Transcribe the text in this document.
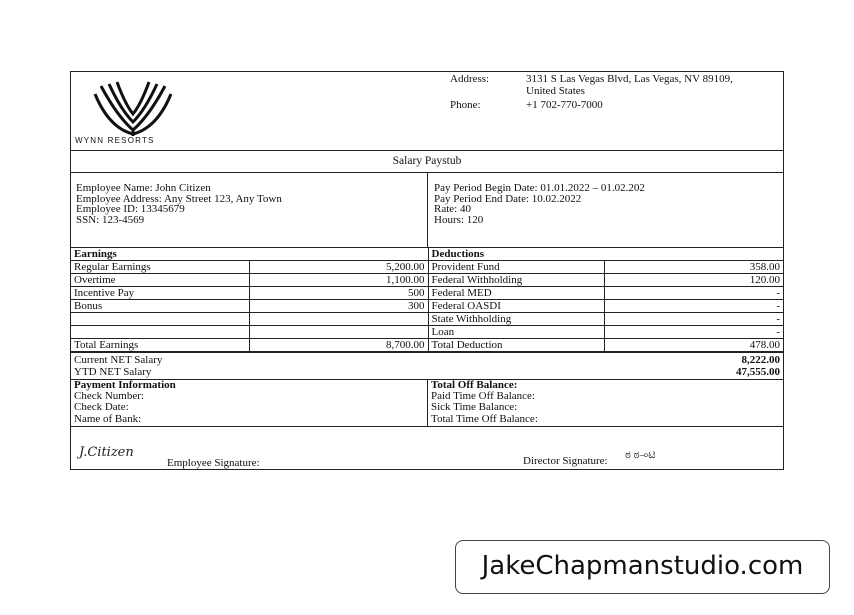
WYNN RESORTS
Address:	3131 S Las Vegas Blvd, Las Vegas, NV 89109,
United States
Phone:	+1 702-770-7000
Salary Paystub
Employee Name: John Citizen
Employee Address: Any Street 123, Any Town
Employee ID: 13345679
SSN: 123-4569
Pay Period Begin Date: 01.01.2022 – 01.02.202
Pay Period End Date: 10.02.2022
Rate: 40
Hours: 120
Earnings		Deductions	
Regular Earnings	5,200.00	Provident Fund	358.00
Overtime	1,100.00	Federal Withholding	120.00
Incentive Pay	500	Federal MED	-
Bonus	300	Federal OASDI	-
		State Withholding	-
		Loan	-
Total Earnings	8,700.00	Total Deduction	478.00
Current NET Salary	8,222.00
YTD NET Salary	47,555.00
Payment Information
Check Number:
Check Date:
Name of Bank:
Total Off Balance:
Paid Time Off Balance:
Sick Time Balance:
Total Time Off Balance:
J.Citizen
Employee Signature:	Director Signature: ಠ ಠ⊸ಟಿ
JakeChapmanstudio.com
